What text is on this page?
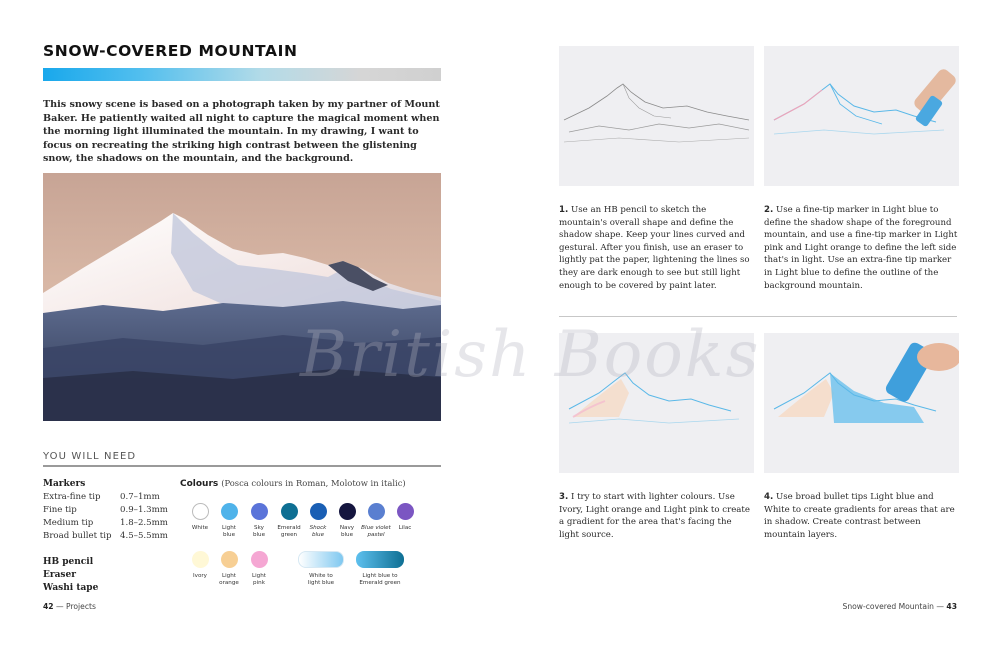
SNOW-COVERED MOUNTAIN
This snowy scene is based on a photograph taken by my partner of Mount Baker. He patiently waited all night to capture the magical moment when the morning light illuminated the mountain. In my drawing, I want to focus on recreating the striking high contrast between the glistening snow, the shadows on the mountain, and the background.
YOU WILL NEED
Markers
Extra-fine tip 0.7–1mm
Fine tip	0.9–1.3mm
Medium tip	1.8–2.5mm
Broad bullet tip 4.5–5.5mm
HB pencil
Eraser
Washi tape
Colours (Posca colours in Roman, Molotow in italic)
42 — Projects
White	Light
blue
Sky
blue
Emerald
green
Shock
blue
Navy
blue
Blue violet
pastel
Lilac
Ivory	Light
orange
Light
pink
White to
light blue
Light blue to
Emerald green
1. Use an HB pencil to sketch the mountain's overall shape and define the shadow shape. Keep your lines curved and gestural. After you finish, use an eraser to lightly pat the paper, lightening the lines so they are dark enough to see but still light enough to be covered by paint later.
2. Use a fine-tip marker in Light blue to define the shadow shape of the foreground mountain, and use a fine-tip marker in Light pink and Light orange to define the left side that's in light. Use an extra-fine tip marker in Light blue to define the outline of the background mountain.
3. I try to start with lighter colours. Use Ivory, Light orange and Light pink to create a gradient for the area that's facing the light source.
4. Use broad bullet tips Light blue and White to create gradients for areas that are in shadow. Create contrast between mountain layers.
Snow-covered Mountain — 43
British Books
